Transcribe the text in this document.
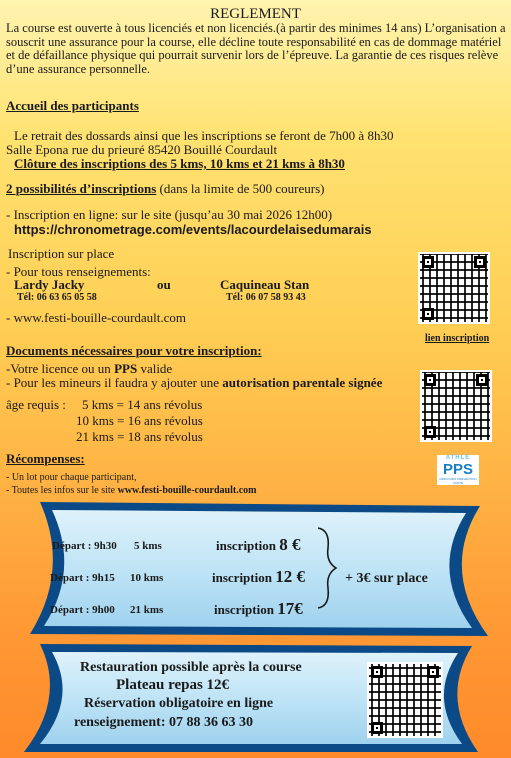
REGLEMENT
La course est ouverte à tous licenciés et non licenciés.(à partir des minimes 14 ans) L’organisation a souscrit une assurance pour la course, elle décline toute responsabilité en cas de dommage matériel et de défaillance physique qui pourrait survenir lors de l’épreuve. La garantie de ces risques relève d’une assurance personnelle.
Accueil des participants
Le retrait des dossards ainsi que les inscriptions se feront de 7h00 à 8h30
Salle Epona rue du prieuré 85420 Bouillé Courdault
Clôture des inscriptions des 5 kms, 10 kms et 21 kms à 8h30
2 possibilités d’inscriptions (dans la limite de 500 coureurs)
- Inscription en ligne: sur le site (jusqu’au 30 mai 2026 12h00)
https://chronometrage.com/events/lacourdelaisedumarais
Inscription sur place
- Pour tous renseignements:
Lardy Jacky	ou	Caquineau Stan
Tél: 06 63 65 05 58	Tél: 06 07 58 93 43
- www.festi-bouille-courdault.com
lien inscription
Documents nécessaires pour votre inscription:
-Votre licence ou un PPS valide
- Pour les mineurs il faudra y ajouter une autorisation parentale signée
âge requis : 5 kms = 14 ans révolus
10 kms = 16 ans révolus
21 kms = 18 ans révolus
ATHLÉ
PPS
PARCOURS PRÉVENTION SANTÉ
Récompenses:
- Un lot pour chaque participant,
- Toutes les infos sur le site www.festi-bouille-courdault.com
Départ : 9h30 5 kms	inscription 8 €
Départ : 9h15 10 kms	inscription 12 €
Départ : 9h00 21 kms	inscription 17€
+ 3€ sur place
Restauration possible après la course
Plateau repas 12€
Réservation obligatoire en ligne
renseignement: 07 88 36 63 30
